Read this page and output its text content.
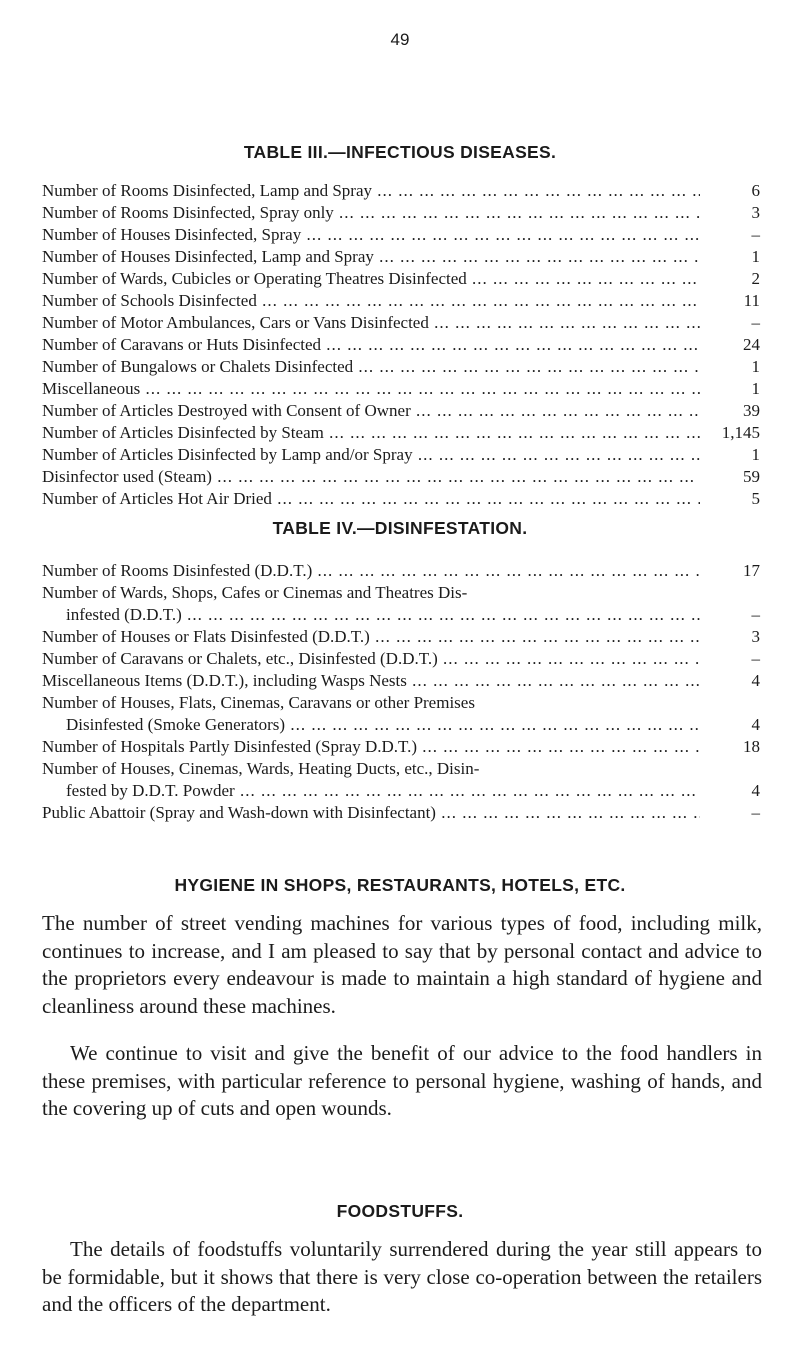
49
TABLE III.—INFECTIOUS DISEASES.
Number of Rooms Disinfected, Lamp and Spray ... .	6
Number of Rooms Disinfected, Spray only ... .	3
Number of Houses Disinfected, Spray ... .	–
Number of Houses Disinfected, Lamp and Spray ... .	1
Number of Wards, Cubicles or Operating Theatres Disinfected ... .	2
Number of Schools Disinfected ... .	11
Number of Motor Ambulances, Cars or Vans Disinfected ... .	–
Number of Caravans or Huts Disinfected ... .	24
Number of Bungalows or Chalets Disinfected ... .	1
Miscellaneous ... .	1
Number of Articles Destroyed with Consent of Owner ... .	39
Number of Articles Disinfected by Steam ... .	1,145
Number of Articles Disinfected by Lamp and/or Spray ... .	1
Disinfector used (Steam) ... .	59
Number of Articles Hot Air Dried ... .	5
TABLE IV.—DISINFESTATION.
Number of Rooms Disinfested (D.D.T.) ... .	17
Number of Wards, Shops, Cafes or Cinemas and Theatres Dis-
infested (D.D.T.) ... .	–
Number of Houses or Flats Disinfested (D.D.T.) ... .	3
Number of Caravans or Chalets, etc., Disinfested (D.D.T.) ... .	–
Miscellaneous Items (D.D.T.), including Wasps Nests ... .	4
Number of Houses, Flats, Cinemas, Caravans or other Premises
Disinfested (Smoke Generators) ... .	4
Number of Hospitals Partly Disinfested (Spray D.D.T.) ... .	18
Number of Houses, Cinemas, Wards, Heating Ducts, etc., Disin-
fested by D.D.T. Powder ... .	4
Public Abattoir (Spray and Wash-down with Disinfectant) ... .	–
HYGIENE IN SHOPS, RESTAURANTS, HOTELS, ETC.
The number of street vending machines for various types of food, including milk, continues to increase, and I am pleased to say that by personal contact and advice to the proprietors every endeavour is made to maintain a high standard of hygiene and cleanliness around these machines.
We continue to visit and give the benefit of our advice to the food handlers in these premises, with particular reference to personal hygiene, washing of hands, and the covering up of cuts and open wounds.
FOODSTUFFS.
The details of foodstuffs voluntarily surrendered during the year still appears to be formidable, but it shows that there is very close co-operation between the retailers and the officers of the department.
